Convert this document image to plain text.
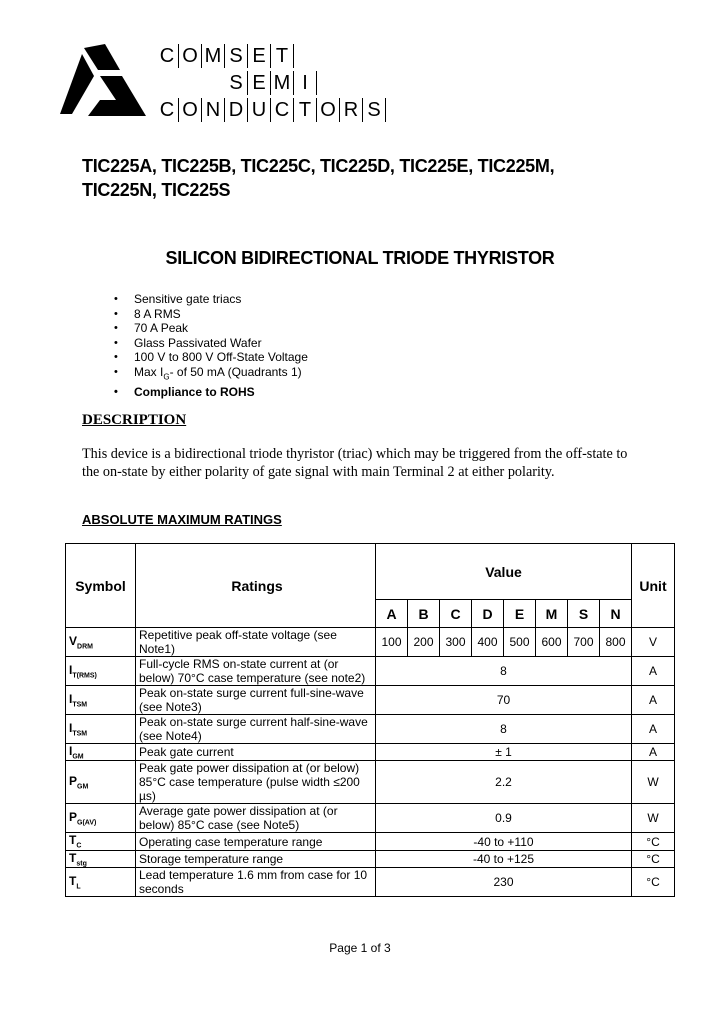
C O M S E T
S E M I
C O N D U C T O R S
TIC225A, TIC225B, TIC225C, TIC225D, TIC225E, TIC225M,
TIC225N, TIC225S
SILICON BIDIRECTIONAL TRIODE THYRISTOR
• Sensitive gate triacs
• 8 A RMS
• 70 A Peak
• Glass Passivated Wafer
• 100 V to 800 V Off-State Voltage
• Max $I_G-$ of 50 mA (Quadrants 1)
• Compliance to ROHS
DESCRIPTION
This device is a bidirectional triode thyristor (triac) which may be triggered from the off-state to the on-state by either polarity of gate signal with main Terminal 2 at either polarity.
ABSOLUTE MAXIMUM RATINGS
Symbol	Ratings	Value								Unit
		A	B	C	D	E	M	S	N	
$V_{DRM}$	Repetitive peak off-state voltage (see Note1)	100	200	300	400	500	600	700	800	V
$I_{T(RMS)}$	Full-cycle RMS on-state current at (or below) 70°C case temperature (see note2)	8								A
$I_{TSM}$	Peak on-state surge current full-sine-wave (see Note3)	70								A
$I_{TSM}$	Peak on-state surge current half-sine-wave (see Note4)	8								A
$I_{GM}$	Peak gate current	± 1								A
$P_{GM}$	Peak gate power dissipation at (or below) 85°C case temperature (pulse width ≤200 µs)	2.2								W
$P_{G(AV)}$	Average gate power dissipation at (or below) 85°C case (see Note5)	0.9								W
$T_C$	Operating case temperature range	-40 to +110								°C
$T_{stg}$	Storage temperature range	-40 to +125								°C
$T_L$	Lead temperature 1.6 mm from case for 10 seconds	230								°C
Page 1 of 3
